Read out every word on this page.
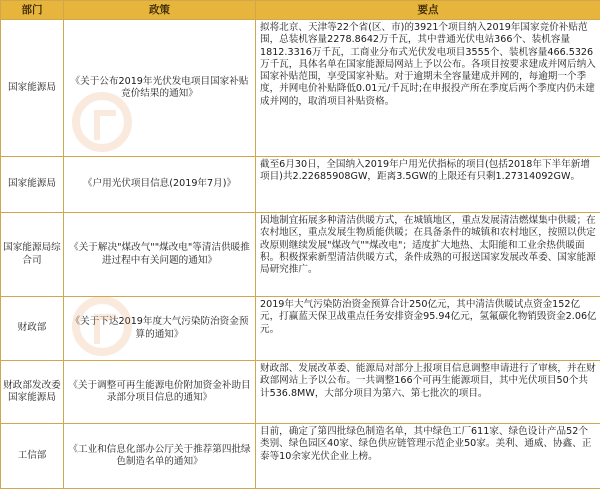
部门	政策	要点
国家能源局	《关于公布2019年光伏发电项目国家补贴竞价结果的通知》	拟将北京、天津等22个省(区、市)的3921个项目纳入2019年国家竞价补贴范围，总装机容量2278.8642万千瓦，其中普通光伏电站366个、装机容量1812.3316万千瓦，工商业分布式光伏发电项目3555个、装机容量466.5326万千瓦，具体名单在国家能源局网站上予以公布。各项目按要求建成并网后纳入国家补贴范围，享受国家补贴。对于逾期未全容量建成并网的，每逾期一个季度，并网电价补贴降低0.01元/千瓦时;在申报投产所在季度后两个季度内仍未建成并网的，取消项目补贴资格。
国家能源局	《户用光伏项目信息(2019年7月)》	截至6月30日，全国纳入2019年户用光伏指标的项目(包括2018年下半年新增项目)共2.22685908GW，距离3.5GW的上限还有只剩1.27314092GW。
国家能源局综合司	《关于解决"煤改气""煤改电"等清洁供暖推进过程中有关问题的通知》	因地制宜拓展多种清洁供暖方式，在城镇地区，重点发展清洁燃煤集中供暖；在农村地区，重点发展生物质能供暖；在具备条件的城镇和农村地区，按照以供定改原则继续发展"煤改气""煤改电"；适度扩大地热、太阳能和工业余热供暖面积。积极探索新型清洁供暖方式，条件成熟的可报送国家发展改革委、国家能源局研究推广。
财政部	《关于下达2019年度大气污染防治资金预算的通知》	2019年大气污染防治资金预算合计250亿元，其中清洁供暖试点资金152亿元，打赢蓝天保卫战重点任务安排资金95.94亿元，氢氟碳化物销毁资金2.06亿元。
财政部发改委国家能源局	《关于调整可再生能源电价附加资金补助目录部分项目信息的通知》	财政部、发展改革委、能源局对部分上报项目信息调整申请进行了审核，并在财政部网站上予以公布。一共调整166个可再生能源项目，其中光伏项目50个共计536.8MW，大部分项目为第六、第七批次的项目。
工信部	《工业和信息化部办公厅关于推荐第四批绿色制造名单的通知》	目前，确定了第四批绿色制造名单，其中绿色工厂611家、绿色设计产品52个类别、绿色园区40家、绿色供应链管理示范企业50家。美利、通威、协鑫、正泰等10余家光伏企业上榜。
